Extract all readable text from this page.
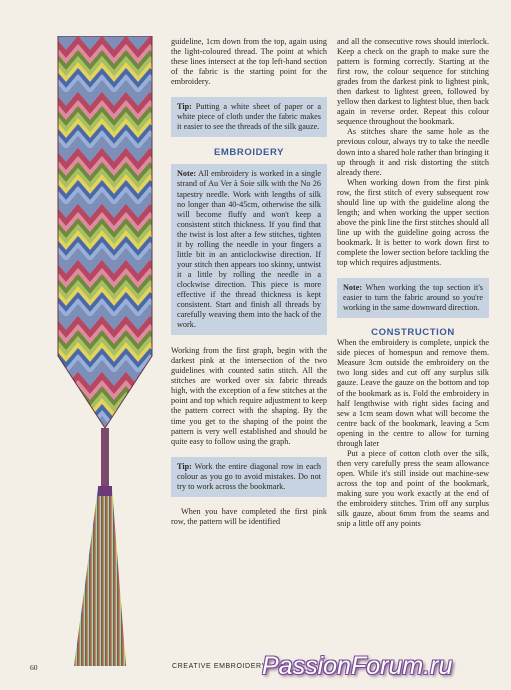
guideline, 1cm down from the top, again using the light-coloured thread. The point at which these lines intersect at the top left-hand section of the fabric is the starting point for the embroidery.

Tip: Putting a white sheet of paper or a white piece of cloth under the fabric makes it easier to see the threads of the silk gauze.
EMBROIDERY
Note: All embroidery is worked in a single strand of Au Ver à Soie silk with the No 26 tapestry needle. Work with lengths of silk no longer than 40-45cm, otherwise the silk will become fluffy and won't keep a consistent stitch thickness. If you find that the twist is lost after a few stitches, tighten it by rolling the needle in your fingers a little bit in an anticlockwise direction. If your stitch then appears too skinny, untwist it a little by rolling the needle in a clockwise direction. This piece is more effective if the thread thickness is kept consistent. Start and finish all threads by carefully weaving them into the back of the work.

Working from the first graph, begin with the darkest pink at the intersection of the two guidelines with counted satin stitch. All the stitches are worked over six fabric threads high, with the exception of a few stitches at the point and top which require adjustment to keep the pattern correct with the shaping. By the time you get to the shaping of the point the pattern is very well established and should be quite easy to follow using the graph.

Tip: Work the entire diagonal row in each colour as you go to avoid mistakes. Do not try to work across the bookmark.

When you have completed the first pink row, the pattern will be identified

and all the consecutive rows should interlock. Keep a check on the graph to make sure the pattern is forming correctly. Starting at the first row, the colour sequence for stitching grades from the darkest pink to lightest pink, then darkest to lightest green, followed by yellow then darkest to lightest blue, then back again in reverse order. Repeat this colour sequence throughout the bookmark.

As stitches share the same hole as the previous colour, always try to take the needle down into a shared hole rather than bringing it up through it and risk distorting the stitch already there.

When working down from the first pink row, the first stitch of every subsequent row should line up with the guideline along the length; and when working the upper section above the pink line the first stitches should all line up with the guideline going across the bookmark. It is better to work down first to complete the lower section before tackling the top which requires adjustments.

Note: When working the top section it's easier to turn the fabric around so you're working in the same downward direction.
CONSTRUCTION

When the embroidery is complete, unpick the side pieces of homespun and remove them. Measure 3cm outside the embroidery on the two long sides and cut off any surplus silk gauze. Leave the gauze on the bottom and top of the bookmark as is. Fold the embroidery in half lengthwise with right sides facing and sew a 1cm seam down what will become the centre back of the bookmark, leaving a 5cm opening in the centre to allow for turning through later

Put a piece of cotton cloth over the silk, then very carefully press the seam allowance open. While it's still inside out machine-sew across the top and point of the bookmark, making sure you work exactly at the end of the embroidery stitches. Trim off any surplus silk gauze, about 6mm from the seams and snip a little off any points

60	CREATIVE EMBROIDERY
PassionForum.ru
